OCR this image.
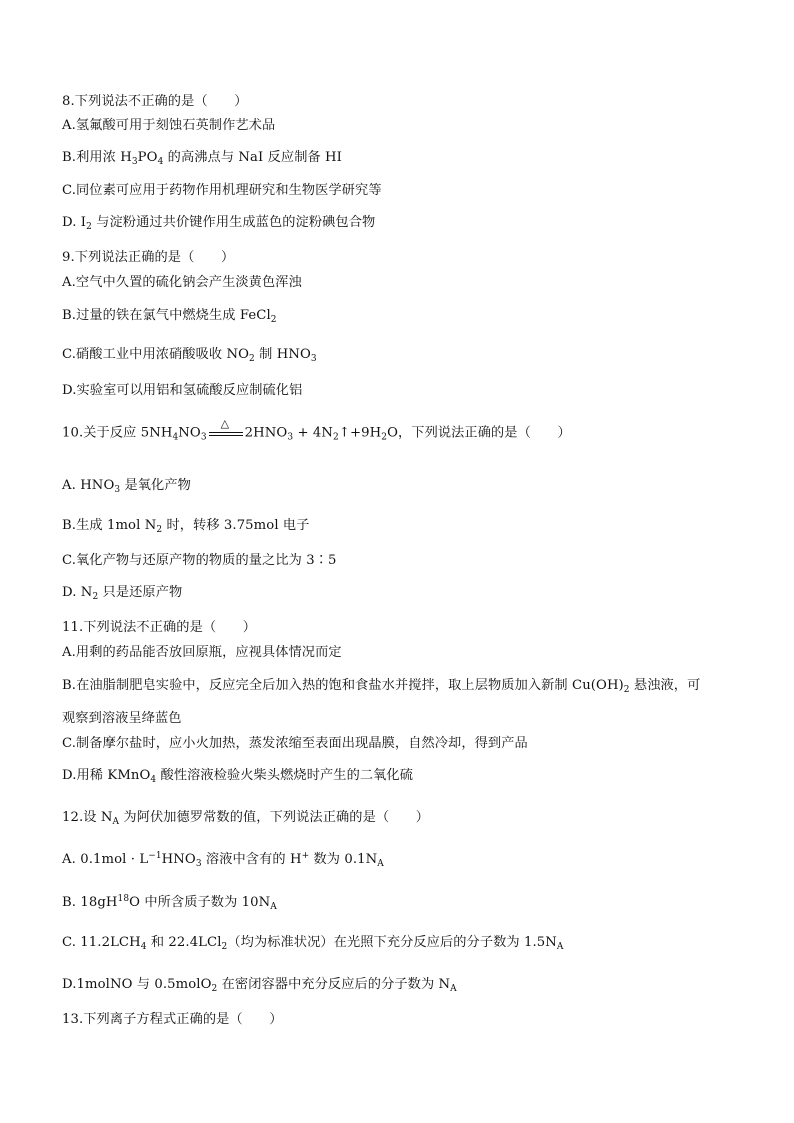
8.下列说法不正确的是（　　）
A.氢氟酸可用于刻蚀石英制作艺术品
B.利用浓 $H_3PO_4$ 的高沸点与 NaI 反应制备 HI
C.同位素可应用于药物作用机理研究和生物医学研究等
D. $I_2$ 与淀粉通过共价键作用生成蓝色的淀粉碘包合物
9.下列说法正确的是（　　）
A.空气中久置的硫化钠会产生淡黄色浑浊
B.过量的铁在氯气中燃烧生成 FeCl$_2$
C.硝酸工业中用浓硝酸吸收 $NO_2$ 制 $HNO_3$
D.实验室可以用铝和氢硫酸反应制硫化铝
10.关于反应 $5NH_4NO_3$
△
$2HNO_3$ + $4N_2↑+9H_2O$，下列说法正确的是（　　）
A. $HNO_3$ 是氧化产物
B.生成 1mol $N_2$ 时，转移 3.75mol 电子
C.氧化产物与还原产物的物质的量之比为 3∶5
D. $N_2$ 只是还原产物
11.下列说法不正确的是（　　）
A.用剩的药品能否放回原瓶，应视具体情况而定
B.在油脂制肥皂实验中，反应完全后加入热的饱和食盐水并搅拌，取上层物质加入新制 $Cu(OH)_2$ 悬浊液，可
观察到溶液呈绛蓝色
C.制备摩尔盐时，应小火加热，蒸发浓缩至表面出现晶膜，自然冷却，得到产品
D.用稀 KMnO$_4$ 酸性溶液检验火柴头燃烧时产生的二氧化硫
12.设 $N_A$ 为阿伏加德罗常数的值，下列说法正确的是（　　）
A. $0.1mol \cdot L^{-1}HNO_3$ 溶液中含有的 H+ 数为 $0.1N_A$
B. $18gH^{18}O$ 中所含质子数为 $10N_A$
C. $11.2LCH_4$ 和 22.4LCl$_2$（均为标准状况）在光照下充分反应后的分子数为 $1.5N_A$
D.1molNO 与 0.5molO$_2$ 在密闭容器中充分反应后的分子数为 $N_A$
13.下列离子方程式正确的是（　　）
